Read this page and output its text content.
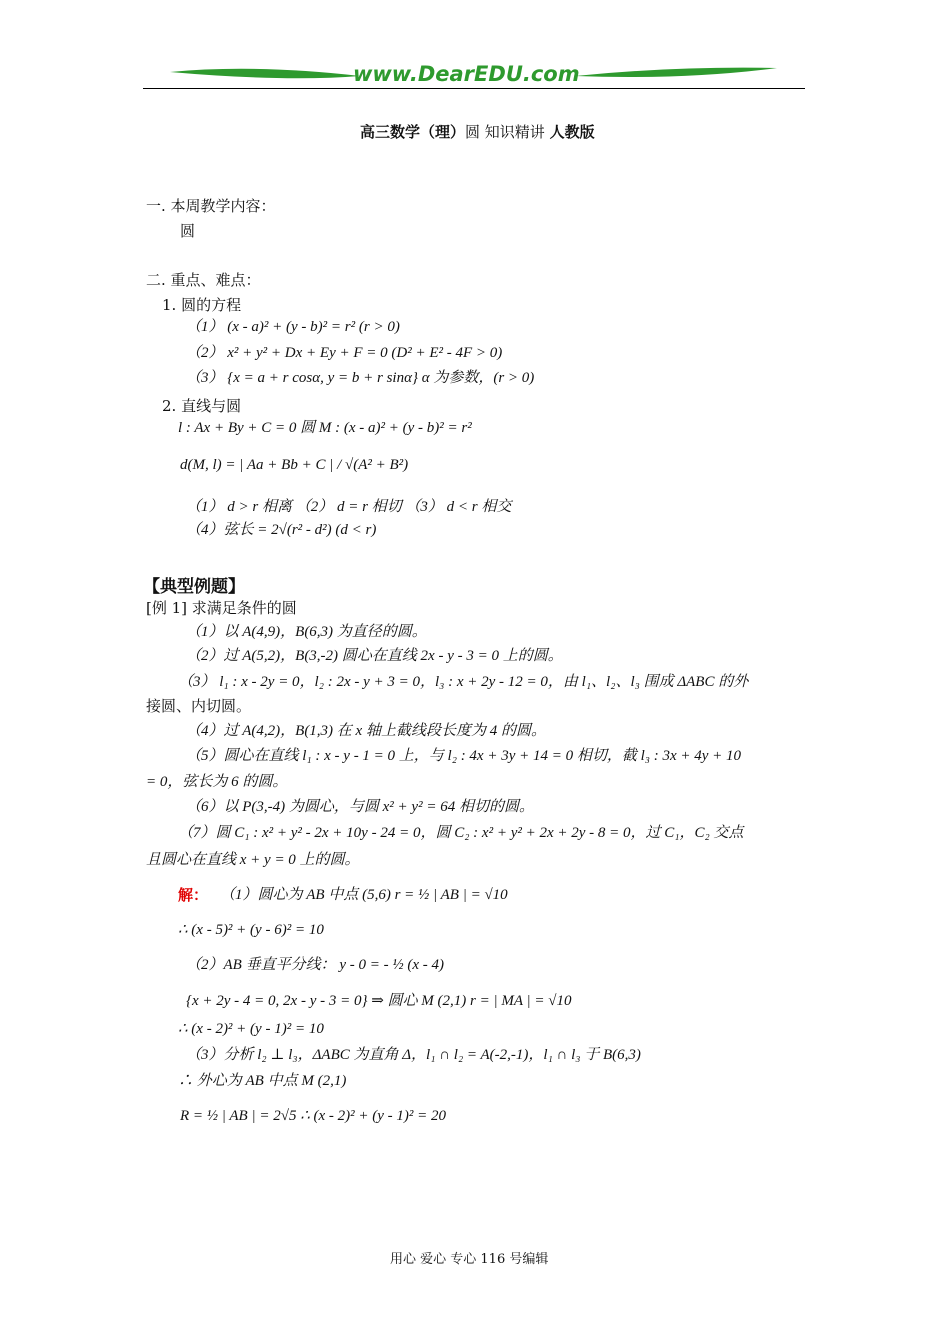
www.DearEDU.com
高三数学（理）圆 知识精讲 人教版
一. 本周教学内容：
圆
二. 重点、难点：
1. 圆的方程
（1） (x - a)² + (y - b)² = r² (r > 0)
（2） x² + y² + Dx + Ey + F = 0 (D² + E² - 4F > 0)
（3） {x = a + r cosα, y = b + r sinα} α 为参数，(r > 0)
2. 直线与圆
l : Ax + By + C = 0 圆 M : (x - a)² + (y - b)² = r²
d(M, l) = | Aa + Bb + C | / √(A² + B²)
（1） d > r 相离 （2） d = r 相切 （3） d < r 相交
（4）弦长 = 2√(r² - d²) (d < r)
【典型例题】
[例 1] 求满足条件的圆
（1）以 A(4,9)，B(6,3) 为直径的圆。
（2）过 A(5,2)，B(3,-2) 圆心在直线 2x - y - 3 = 0 上的圆。
（3） l₁ : x - 2y = 0，l₂ : 2x - y + 3 = 0，l₃ : x + 2y - 12 = 0，由 l₁、l₂、l₃ 围成 ΔABC 的外
接圆、内切圆。
（4）过 A(4,2)，B(1,3) 在 x 轴上截线段长度为 4 的圆。
（5）圆心在直线 l₁ : x - y - 1 = 0 上，与 l₂ : 4x + 3y + 14 = 0 相切，截 l₃ : 3x + 4y + 10
= 0，弦长为 6 的圆。
（6）以 P(3,-4) 为圆心，与圆 x² + y² = 64 相切的圆。
（7）圆 C₁ : x² + y² - 2x + 10y - 24 = 0，圆 C₂ : x² + y² + 2x + 2y - 8 = 0，过 C₁，C₂ 交点
且圆心在直线 x + y = 0 上的圆。
解： （1）圆心为 AB 中点 (5,6) r = ½ | AB | = √10
∴ (x - 5)² + (y - 6)² = 10
（2）AB 垂直平分线： y - 0 = - ½ (x - 4)
{x + 2y - 4 = 0, 2x - y - 3 = 0} ⇒ 圆心 M (2,1) r = | MA | = √10
∴ (x - 2)² + (y - 1)² = 10
（3）分析 l₂ ⊥ l₃，ΔABC 为直角 Δ，l₁ ∩ l₂ = A(-2,-1)，l₁ ∩ l₃ 于 B(6,3)
∴ 外心为 AB 中点 M (2,1)
R = ½ | AB | = 2√5 ∴ (x - 2)² + (y - 1)² = 20
用心 爱心 专心 116 号编辑
